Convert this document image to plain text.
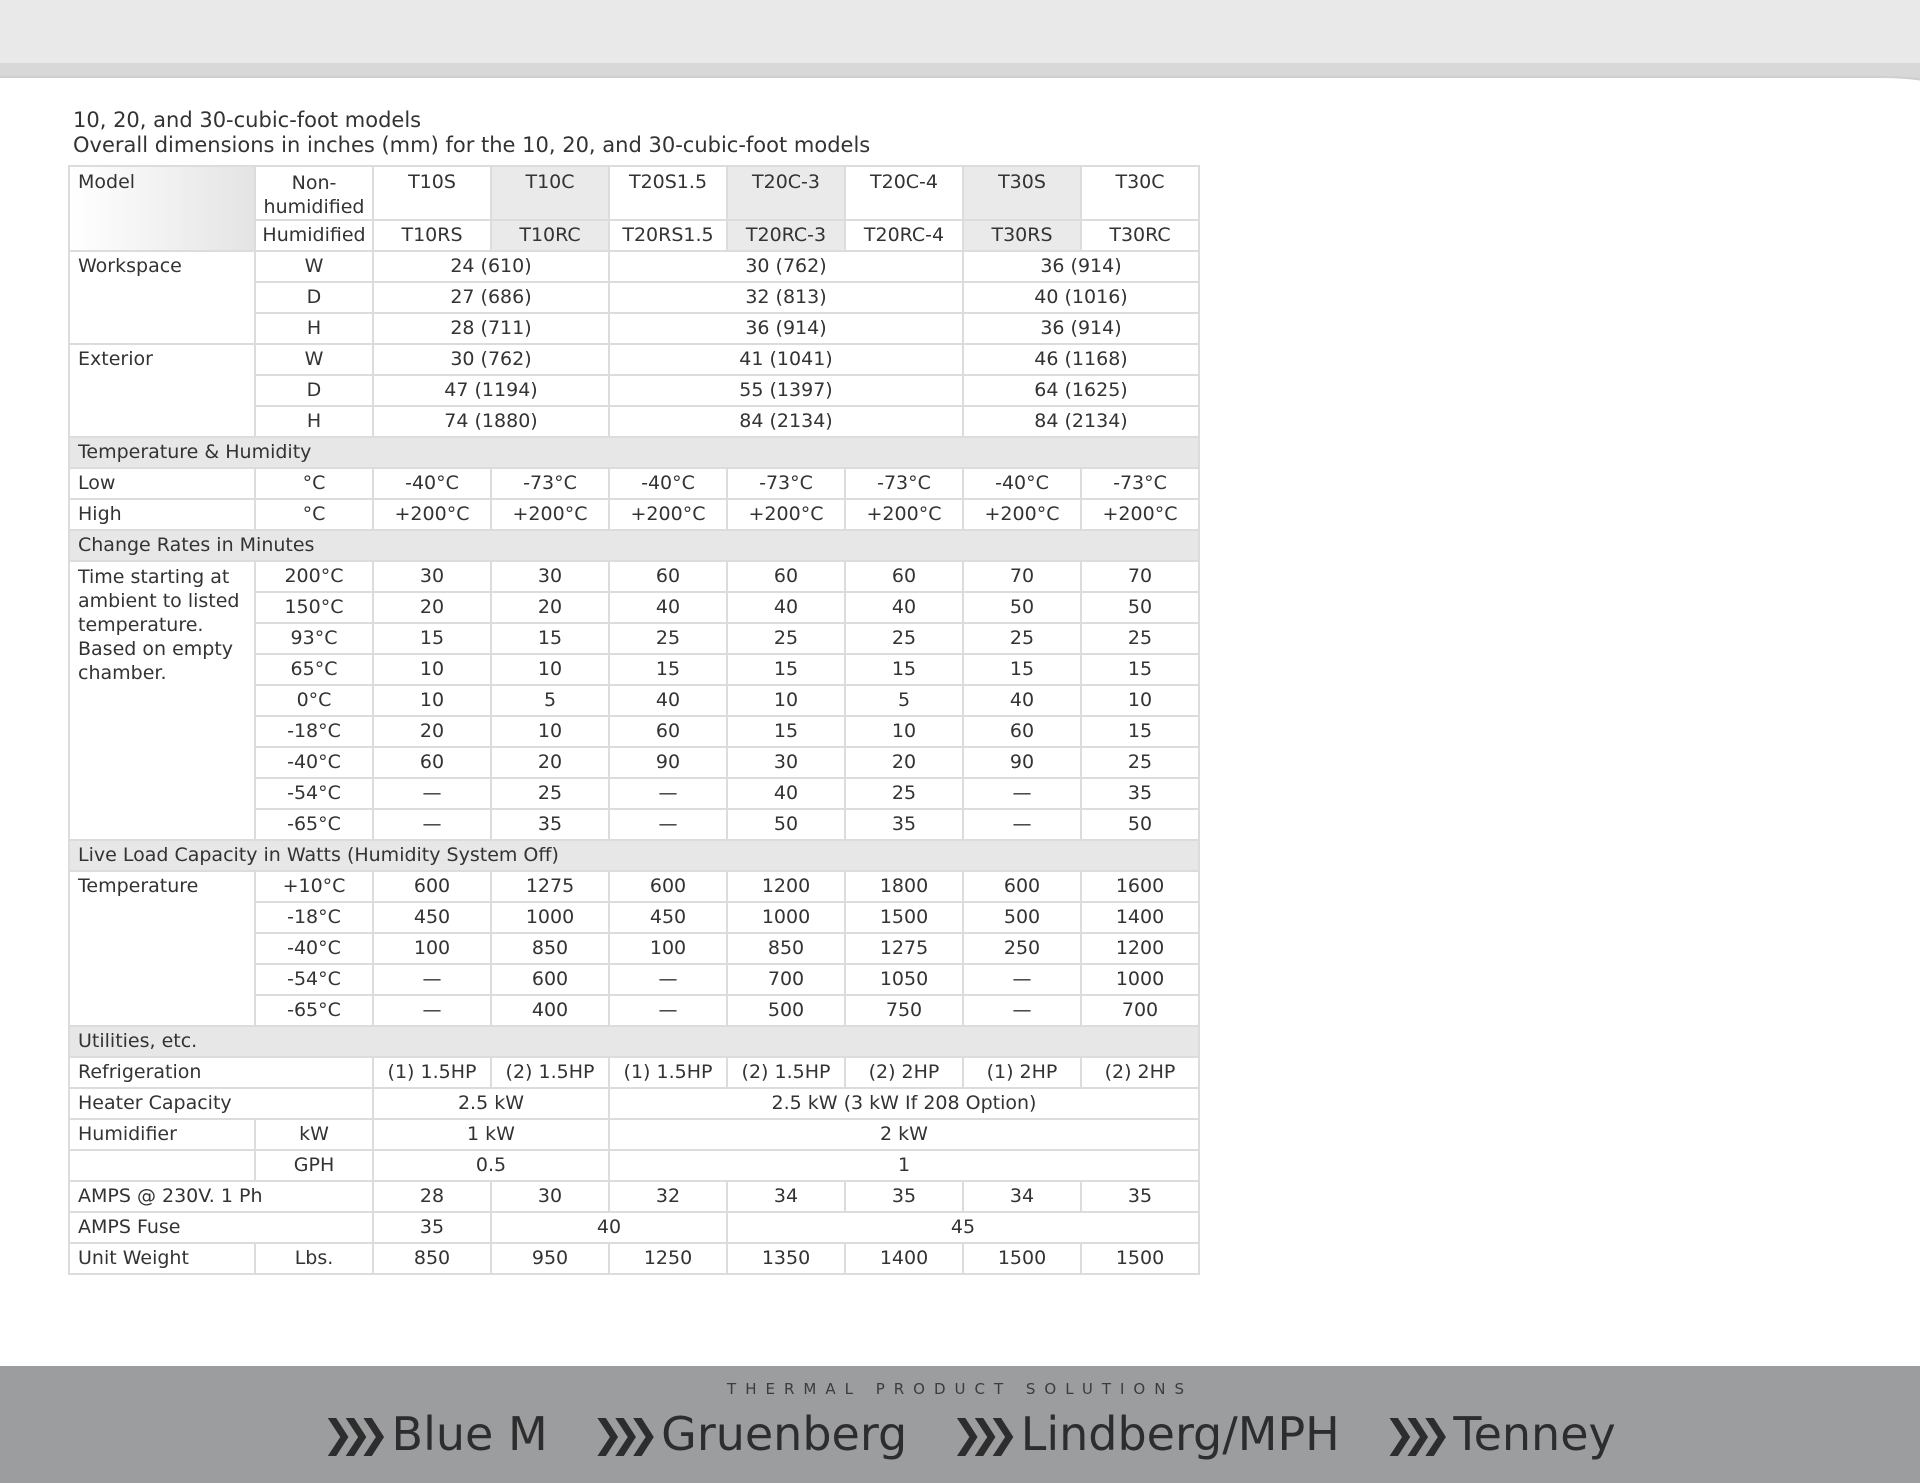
10, 20, and 30-cubic-foot models
Overall dimensions in inches (mm) for the 10, 20, and 30-cubic-foot models
Model	Non-humidified	T10S	T10C	T20S1.5	T20C-3	T20C-4	T30S	T30C
	Humidified	T10RS	T10RC	T20RS1.5	T20RC-3	T20RC-4	T30RS	T30RC
Workspace	W	24 (610)		30 (762)			36 (914)	
	D	27 (686)		32 (813)			40 (1016)	
	H	28 (711)		36 (914)			36 (914)	
Exterior	W	30 (762)		41 (1041)			46 (1168)	
	D	47 (1194)		55 (1397)			64 (1625)	
	H	74 (1880)		84 (2134)			84 (2134)	
Temperature & Humidity								
Low	°C	-40°C	-73°C	-40°C	-73°C	-73°C	-40°C	-73°C
High	°C	+200°C	+200°C	+200°C	+200°C	+200°C	+200°C	+200°C
Change Rates in Minutes								
Time starting at ambient to listed temperature. Based on empty chamber.	200°C	30	30	60	60	60	70	70
	150°C	20	20	40	40	40	50	50
	93°C	15	15	25	25	25	25	25
	65°C	10	10	15	15	15	15	15
	0°C	10	5	40	10	5	40	10
	-18°C	20	10	60	15	10	60	15
	-40°C	60	20	90	30	20	90	25
	-54°C	—	25	—	40	25	—	35
	-65°C	—	35	—	50	35	—	50
Live Load Capacity in Watts (Humidity System Off)								
Temperature	+10°C	600	1275	600	1200	1800	600	1600
	-18°C	450	1000	450	1000	1500	500	1400
	-40°C	100	850	100	850	1275	250	1200
	-54°C	—	600	—	700	1050	—	1000
	-65°C	—	400	—	500	750	—	700
Utilities, etc.								
Refrigeration		(1) 1.5HP	(2) 1.5HP	(1) 1.5HP	(2) 1.5HP	(2) 2HP	(1) 2HP	(2) 2HP
Heater Capacity		2.5 kW		2.5 kW (3 kW If 208 Option)				
Humidifier	kW	1 kW		2 kW				
	GPH	0.5		1				
AMPS @ 230V. 1 Ph		28	30	32	34	35	34	35
AMPS Fuse		35	40		45			
Unit Weight	Lbs.	850	950	1250	1350	1400	1500	1500
THERMAL PRODUCT SOLUTIONS
❯❯❯ Blue M ❯❯❯ Gruenberg ❯❯❯ Lindberg/MPH ❯❯❯ Tenney
